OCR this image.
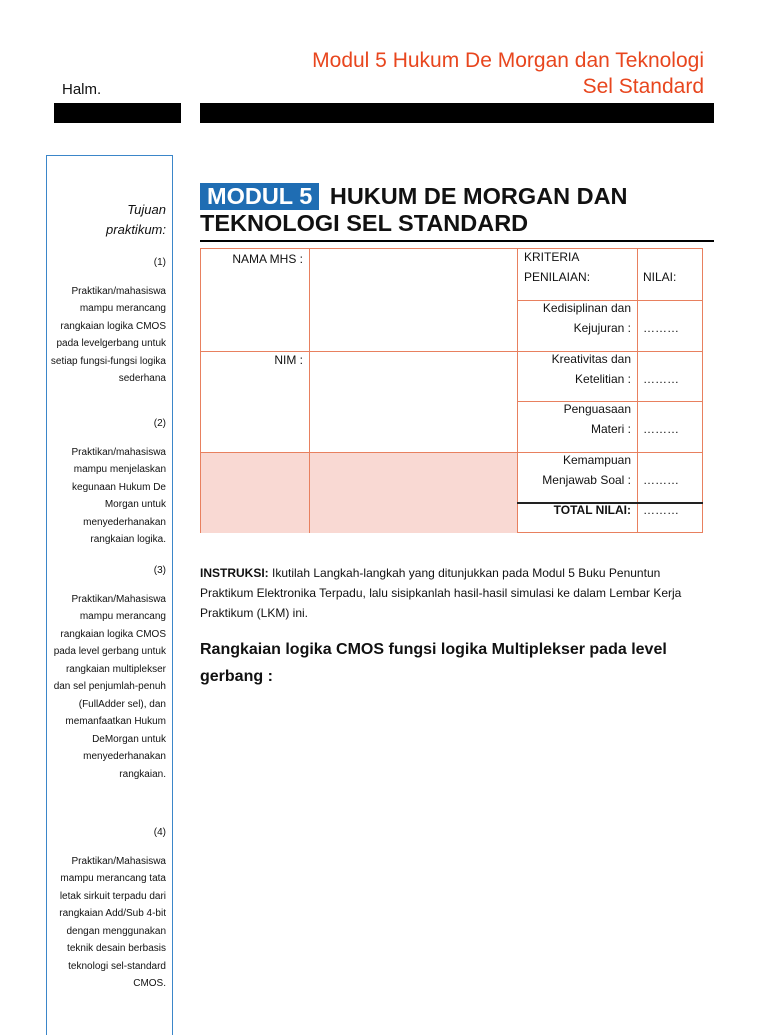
Modul 5 Hukum De Morgan dan Teknologi
Sel Standard
Halm.
Tujuan
praktikum:
(1)
Praktikan/mahasiswa mampu merancang rangkaian logika CMOS pada levelgerbang untuk setiap fungsi-fungsi logika sederhana
(2)
Praktikan/mahasiswa mampu menjelaskan kegunaan Hukum De Morgan untuk menyederhanakan rangkaian logika.
(3)
Praktikan/Mahasiswa mampu merancang rangkaian logika CMOS pada level gerbang untuk rangkaian multiplekser dan sel penjumlah-penuh (FullAdder sel), dan memanfaatkan Hukum DeMorgan untuk menyederhanakan rangkaian.
(4)
Praktikan/Mahasiswa mampu merancang tata letak sirkuit terpadu dari rangkaian Add/Sub 4-bit dengan menggunakan teknik desain berbasis teknologi sel-standard CMOS.
MODUL 5 HUKUM DE MORGAN DAN
TEKNOLOGI SEL STANDARD
NAMA MHS :
NIM :
KRITERIA
PENILAIAN:	NILAI:
Kedisiplinan dan
Kejujuran : ………
Kreativitas dan
Ketelitian : ………
Penguasaan
Materi : ………
Kemampuan
Menjawab Soal : ………
TOTAL NILAI: ………
INSTRUKSI: Ikutilah Langkah-langkah yang ditunjukkan pada Modul 5 Buku Penuntun Praktikum Elektronika Terpadu, lalu sisipkanlah hasil-hasil simulasi ke dalam Lembar Kerja Praktikum (LKM) ini.
Rangkaian logika CMOS fungsi logika Multiplekser pada level gerbang :
